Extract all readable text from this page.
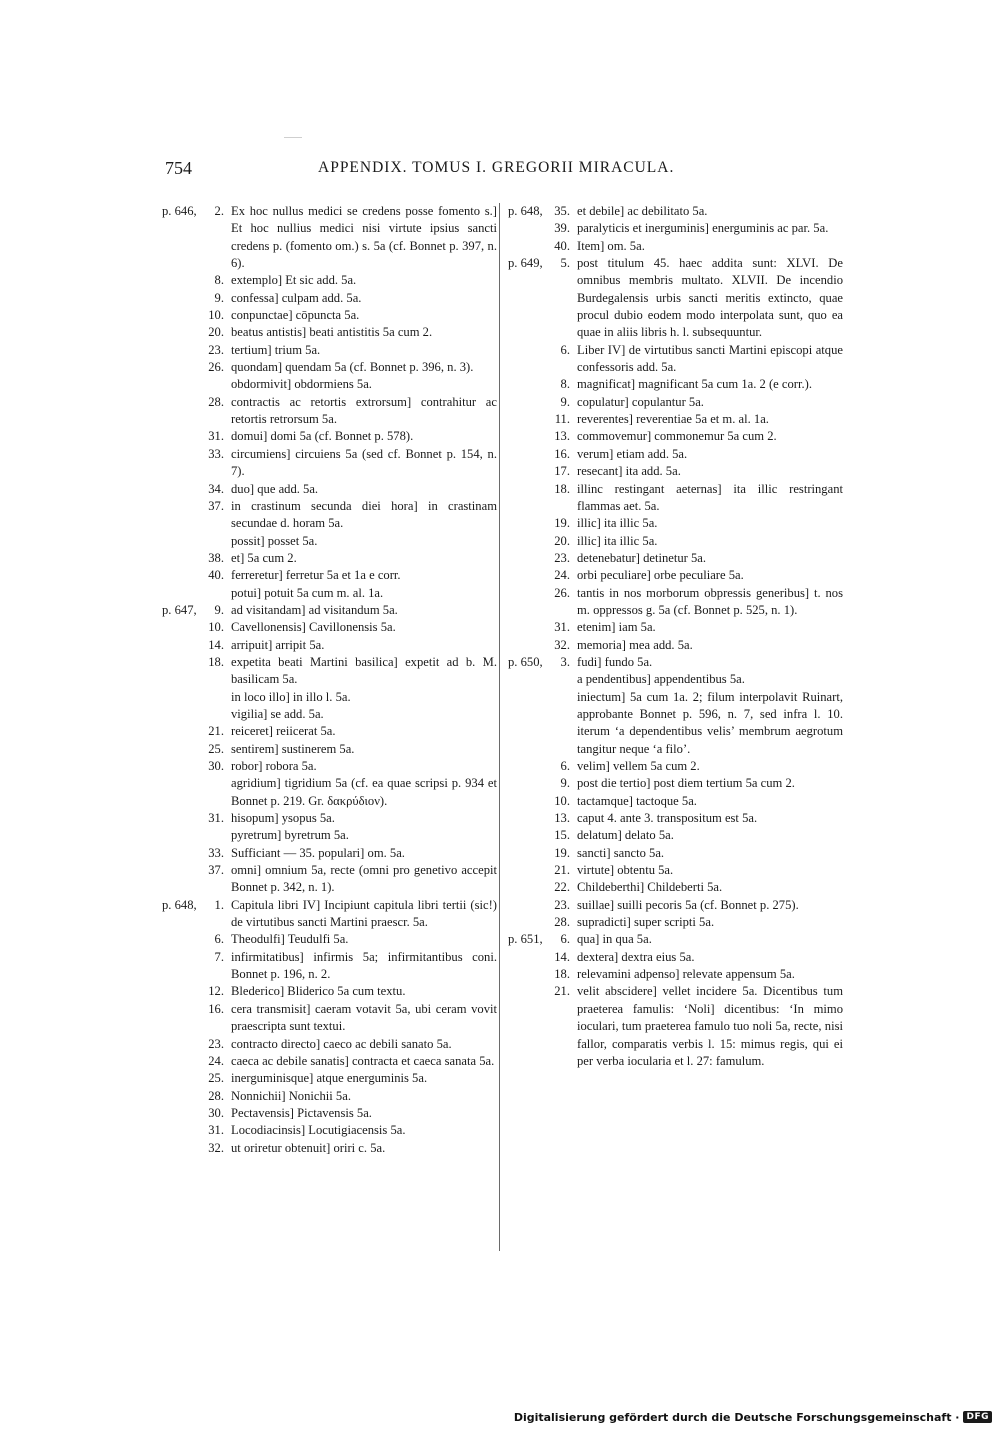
754	APPENDIX. TOMUS I. GREGORII MIRACULA.
p. 646,	2. Ex hoc nullus medici se credens posse fomento s.] Et hoc nullius medici nisi virtute ipsius sancti credens p. (fomento om.) s. 5a (cf. Bonnet p. 397, n. 6).
8. extemplo] Et sic add. 5a.
9. confessa] culpam add. 5a.
10. conpunctae] cōpuncta 5a.
20. beatus antistis] beati antistitis 5a cum 2.
23. tertium] trium 5a.
26. quondam] quendam 5a (cf. Bonnet p. 396, n. 3).
obdormivit] obdormiens 5a.
28. contractis ac retortis extrorsum] contrahitur ac retortis retrorsum 5a.
31. domui] domi 5a (cf. Bonnet p. 578).
33. circumiens] circuiens 5a (sed cf. Bonnet p. 154, n. 7).
34. duo] que add. 5a.
37. in crastinum secunda diei hora] in crastinam secundae d. horam 5a.
possit] posset 5a.
38. et] 5a cum 2.
40. ferreretur] ferretur 5a et 1a e corr.
potui] potuit 5a cum m. al. 1a.
p. 647,	9. ad visitandam] ad visitandum 5a.
10. Cavellonensis] Cavillonensis 5a.
14. arripuit] arripit 5a.
18. expetita beati Martini basilica] expetit ad b. M. basilicam 5a.
in loco illo] in illo l. 5a.
vigilia] se add. 5a.
21. reiceret] reiicerat 5a.
25. sentirem] sustinerem 5a.
30. robor] robora 5a.
agridium] tigridium 5a (cf. ea quae scripsi p. 934 et Bonnet p. 219. Gr. δακρύδιον).
31. hisopum] ysopus 5a.
pyretrum] byretrum 5a.
33. Sufficiant — 35. populari] om. 5a.
37. omni] omnium 5a, recte (omni pro genetivo accepit Bonnet p. 342, n. 1).
p. 648,	1. Capitula libri IV] Incipiunt capitula libri tertii (sic!) de virtutibus sancti Martini praescr. 5a.
6. Theodulfi] Teudulfi 5a.
7. infirmitatibus] infirmis 5a; infirmitantibus coni. Bonnet p. 196, n. 2.
12. Bledericо] Bliderico 5a cum textu.
16. cera transmisit] caeram votavit 5a, ubi ceram vovit praescripta sunt textui.
23. contracto directo] caeco ac debili sanato 5a.
24. caeca ac debile sanatis] contracta et caeca sanata 5a.
25. inerguminisque] atque energuminis 5a.
28. Nonnichii] Nonichii 5a.
30. Pectavensis] Pictavensis 5a.
31. Locodiacinsis] Locutigiacensis 5a.
32. ut oriretur obtenuit] oriri c. 5a.
p. 648, 35. et debile] ac debilitato 5a.
39. paralyticis et inerguminis] energuminis ac par. 5a.
40. Item] om. 5a.
p. 649,	5. post titulum 45. haec addita sunt: XLVI. De omnibus membris multato. XLVII. De incendio Burdegalensis urbis sancti meritis extincto, quae procul dubio eodem modo interpolata sunt, quo ea quae in aliis libris h. l. subsequuntur.
6. Liber IV] de virtutibus sancti Martini episcopi atque confessoris add. 5a.
8. magnificat] magnificant 5a cum 1a. 2 (e corr.).
9. copulatur] copulantur 5a.
11. reverentes] reverentiae 5a et m. al. 1a.
13. commovemur] commonemur 5a cum 2.
16. verum] etiam add. 5a.
17. resecant] ita add. 5a.
18. illinc restingant aeternas] ita illic restringant flammas aet. 5a.
19. illic] ita illic 5a.
20. illic] ita illic 5a.
23. detenebatur] detinetur 5a.
24. orbi peculiare] orbe peculiare 5a.
26. tantis in nos morborum obpressis generibus] t. nos m. oppressos g. 5a (cf. Bonnet p. 525, n. 1).
31. etenim] iam 5a.
32. memoria] mea add. 5a.
p. 650,	3. fudi] fundo 5a.
a pendentibus] appendentibus 5a.
iniectum] 5a cum 1a. 2; filum interpolavit Ruinart, approbante Bonnet p. 596, n. 7, sed infra l. 10. iterum ‘a dependentibus velis’ membrum aegrotum tangitur neque ‘a filo’.
6. velim] vellem 5a cum 2.
9. post die tertio] post diem tertium 5a cum 2.
10. tactamque] tactoque 5a.
13. caput 4. ante 3. transpositum est 5a.
15. delatum] delato 5a.
19. sancti] sancto 5a.
21. virtute] obtentu 5a.
22. Childeberthi] Childeberti 5a.
23. suillae] suilli pecoris 5a (cf. Bonnet p. 275).
28. supradicti] super scripti 5a.
p. 651,	6. qua] in qua 5a.
14. dextera] dextra eius 5a.
18. relevamini adpenso] relevate appensum 5a.
21. velit abscidere] vellet incidere 5a. Dicentibus tum praeterea famulis: ‘Noli] dicentibus: ‘In mimo ioculari, tum praeterea famulo tuo noli 5a, recte, nisi fallor, comparatis verbis l. 15: mimus regis, qui ei per verba iocularia et l. 27: famulum.
Digitalisierung gefördert durch die Deutsche Forschungsgemeinschaft · DFG
